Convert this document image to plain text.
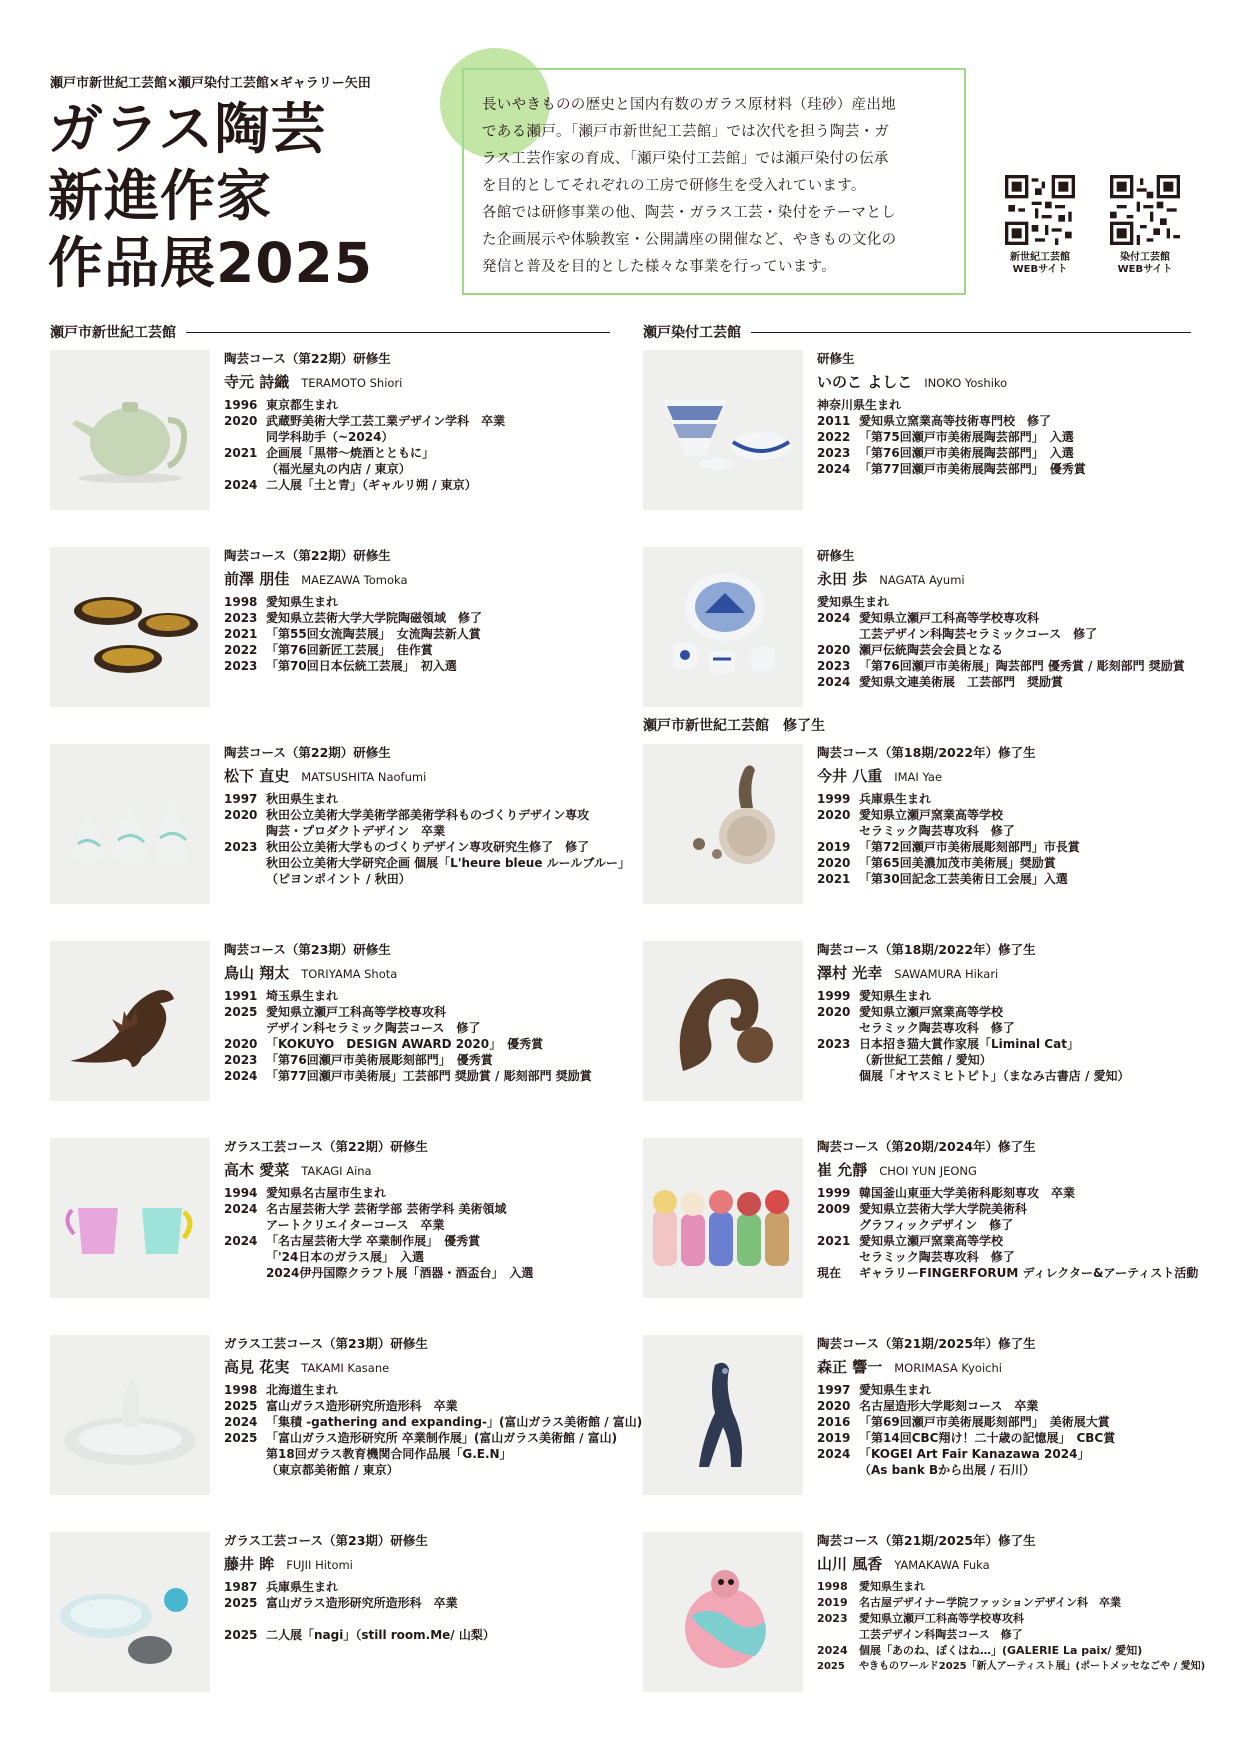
瀬戸市新世紀工芸館×瀬戸染付工芸館×ギャラリー矢田
ガラス陶芸
新進作家
作品展2025
長いやきものの歴史と国内有数のガラス原材料（珪砂）産出地
である瀬戸。「瀬戸市新世紀工芸館」では次代を担う陶芸・ガ
ラス工芸作家の育成、「瀬戸染付工芸館」では瀬戸染付の伝承
を目的としてそれぞれの工房で研修生を受入れています。
各館では研修事業の他、陶芸・ガラス工芸・染付をテーマとし
た企画展示や体験教室・公開講座の開催など、やきもの文化の
発信と普及を目的とした様々な事業を行っています。
新世紀工芸館
WEBサイト
染付工芸館
WEBサイト
瀬戸市新世紀工芸館	瀬戸染付工芸館
瀬戸市新世紀工芸館　修了生
陶芸コース（第22期）研修生
寺元 詩織 TERAMOTO Shiori
1996 東京都生まれ
2020 武蔵野美術大学工芸工業デザイン学科　卒業
同学科助手（~2024）
2021 企画展「黒帯～焼酒とともに」
（福光屋丸の内店 / 東京）
2024 二人展「土と青」（ギャルリ朔 / 東京）
陶芸コース（第22期）研修生
前澤 朋佳 MAEZAWA Tomoka
1998 愛知県生まれ
2023 愛知県立芸術大学大学院陶磁領域　修了
2021 「第55回女流陶芸展」　女流陶芸新人賞
2022 「第76回新匠工芸展」　佳作賞
2023 「第70回日本伝統工芸展」　初入選
陶芸コース（第22期）研修生
松下 直史 MATSUSHITA Naofumi
1997 秋田県生まれ
2020 秋田公立美術大学美術学部美術学科ものづくりデザイン専攻
陶芸・プロダクトデザイン　卒業
2023 秋田公立美術大学ものづくりデザイン専攻研究生修了　修了
秋田公立美術大学研究企画 個展「L'heure bleue ルールブルー」
（ピヨンポイント / 秋田）
陶芸コース（第23期）研修生
鳥山 翔太 TORIYAMA Shota
1991 埼玉県生まれ
2025 愛知県立瀬戸工科高等学校専攻科
デザイン科セラミック陶芸コース　修了
2020 「KOKUYO　DESIGN AWARD 2020」　優秀賞
2023 「第76回瀬戸市美術展彫刻部門」　優秀賞
2024 「第77回瀬戸市美術展」工芸部門 奨励賞 / 彫刻部門 奨励賞
ガラス工芸コース（第22期）研修生
高木 愛菜 TAKAGI Aina
1994 愛知県名古屋市生まれ
2024 名古屋芸術大学 芸術学部 芸術学科 美術領域
アートクリエイターコース　卒業
2024 「名古屋芸術大学 卒業制作展」　優秀賞
「'24日本のガラス展」　入選
2024伊丹国際クラフト展「酒器・酒盃台」　入選
ガラス工芸コース（第23期）研修生
高見 花実 TAKAMI Kasane
1998 北海道生まれ
2025 富山ガラス造形研究所造形科　卒業
2024 「集積 -gathering and expanding-」(富山ガラス美術館 / 富山)
2025 「富山ガラス造形研究所 卒業制作展」(富山ガラス美術館 / 富山)
第18回ガラス教育機関合同作品展「G.E.N」
（東京都美術館 / 東京）
ガラス工芸コース（第23期）研修生
藤井 眸 FUJII Hitomi
1987 兵庫県生まれ
2025 富山ガラス造形研究所造形科　卒業
2025 二人展「nagi」（still room.Me/ 山梨）
研修生
いのこ よしこ INOKO Yoshiko
神奈川県生まれ
2011 愛知県立窯業高等技術専門校　修了
2022 「第75回瀬戸市美術展陶芸部門」　入選
2023 「第76回瀬戸市美術展陶芸部門」　入選
2024 「第77回瀬戸市美術展陶芸部門」　優秀賞
研修生
永田 歩 NAGATA Ayumi
愛知県生まれ
2024 愛知県立瀬戸工科高等学校専攻科
工芸デザイン科陶芸セラミックコース　修了
2020 瀬戸伝統陶芸会会員となる
2023 「第76回瀬戸市美術展」陶芸部門 優秀賞 / 彫刻部門 奨励賞
2024 愛知県文連美術展　工芸部門　奨励賞
陶芸コース（第18期/2022年）修了生
今井 八重 IMAI Yae
1999 兵庫県生まれ
2020 愛知県立瀬戸窯業高等学校
セラミック陶芸専攻科　修了
2019 「第72回瀬戸市美術展彫刻部門」市長賞
2020 「第65回美濃加茂市美術展」奨励賞
2021 「第30回記念工芸美術日工会展」入選
陶芸コース（第18期/2022年）修了生
澤村 光幸 SAWAMURA Hikari
1999 愛知県生まれ
2020 愛知県立瀬戸窯業高等学校
セラミック陶芸専攻科　修了
2023 日本招き猫大賞作家展「Liminal Cat」
（新世紀工芸館 / 愛知）
個展「オヤスミヒトピト」（まなみ古書店 / 愛知）
陶芸コース（第20期/2024年）修了生
崔 允靜 CHOI YUN JEONG
1999 韓国釜山東亜大学美術科彫刻専攻　卒業
2009 愛知県立芸術大学大学院美術科
グラフィックデザイン　修了
2021 愛知県立瀬戸窯業高等学校
セラミック陶芸専攻科　修了
現在	ギャラリーFINGERFORUM ディレクター&アーティスト活動
陶芸コース（第21期/2025年）修了生
森正 響一 MORIMASA Kyoichi
1997 愛知県生まれ
2020 名古屋造形大学彫刻コース　卒業
2016 「第69回瀬戸市美術展彫刻部門」　美術展大賞
2019 「第14回CBC翔け！二十歳の記憶展」　CBC賞
2024 「KOGEI Art Fair Kanazawa 2024」
（As bank Bから出展 / 石川）
陶芸コース（第21期/2025年）修了生
山川 風香 YAMAKAWA Fuka
1998	愛知県生まれ
2019	名古屋デザイナー学院ファッションデザイン科　卒業
2023	愛知県立瀬戸工科高等学校専攻科
工芸デザイン科陶芸コース　修了
2024	個展「あのね、ぼくはね…」(GALERIE La paix/ 愛知)
2025	やきものワールド2025「新人アーティスト展」(ポートメッセなごや / 愛知)
